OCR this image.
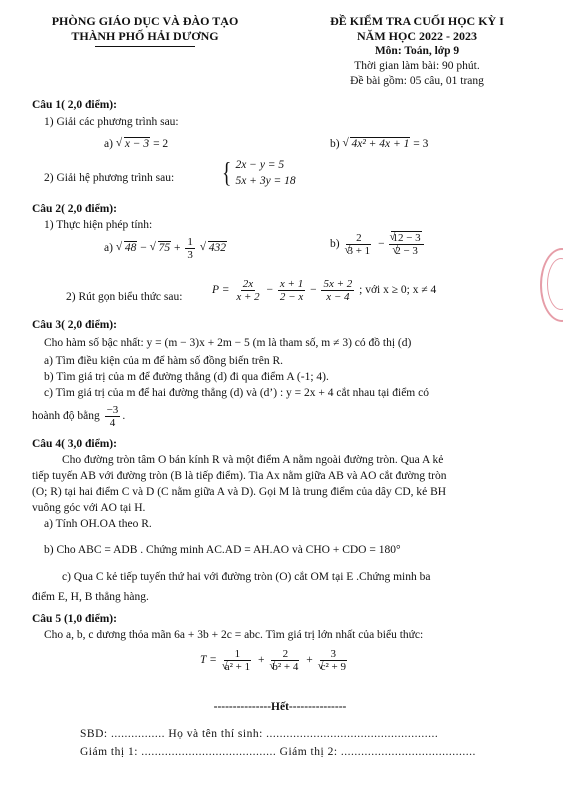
PHÒNG GIÁO DỤC VÀ ĐÀO TẠO
THÀNH PHỐ HẢI DƯƠNG
ĐỀ KIỂM TRA CUỐI HỌC KỲ I
NĂM HỌC 2022 - 2023
Môn: Toán, lớp 9
Thời gian làm bài: 90 phút.
Đề bài gồm: 05 câu, 01 trang
Câu 1( 2,0 điểm):
1) Giải các phương trình sau:
a) √ x − 3 = 2	b) √ 4x² + 4x + 1 = 3
2) Giải hệ phương trình sau: { 2x − y = 5
5x + 3y = 18
Câu 2( 2,0 điểm):
1) Thực hiện phép tính:
a) √ 48 − √ $75 + \frac{1}{3}$ √ 432	b) 2
√ 3 + 1 − √ 12 − 3
√ 2 − 3
2) Rút gọn biểu thức sau:
$P = \frac{2x}{x + 2} - \frac{x + 1}{2 - x} - \frac{5x + 2}{x - 4}$ ; với x ≥ 0; x ≠ 4
Câu 3( 2,0 điểm):
Cho hàm số bậc nhất: y = (m − 3)x + 2m − 5 (m là tham số, m ≠ 3) có đồ thị (d)
a) Tìm điều kiện của m để hàm số đồng biến trên R.
b) Tìm giá trị của m để đường thẳng (d) đi qua điểm A (-1; 4).
c) Tìm giá trị của m để hai đường thẳng (d) và (d’) : y = 2x + 4 cắt nhau tại điểm có
hoành độ bằng $\frac{-3}{4}$ .
Câu 4( 3,0 điểm):
Cho đường tròn tâm O bán kính R và một điểm A nằm ngoài đường tròn. Qua A kẻ
tiếp tuyến AB với đường tròn (B là tiếp điểm). Tia Ax nằm giữa AB và AO cắt đường tròn
(O; R) tại hai điểm C và D (C nằm giữa A và D). Gọi M là trung điểm của dây CD, kẻ BH
vuông góc với AO tại H.
a) Tính OH.OA theo R.
b) Cho ABC = ADB . Chứng minh AC.AD = AH.AO và CHO + CDO = 180°
c) Qua C kẻ tiếp tuyến thứ hai với đường tròn (O) cắt OM tại E .Chứng minh ba
điểm E, H, B thẳng hàng.
Câu 5 (1,0 điểm):
Cho a, b, c dương thỏa mãn 6a + 3b + 2c = abc. Tìm giá trị lớn nhất của biểu thức:
T = 1
√ a² + 1 + 2
√ b² + 4 + 3
√ c² + 9
---------------Hết---------------
SBD: ................ Họ và tên thí sinh: ...................................................
Giám thị 1: ........................................ Giám thị 2: ........................................
